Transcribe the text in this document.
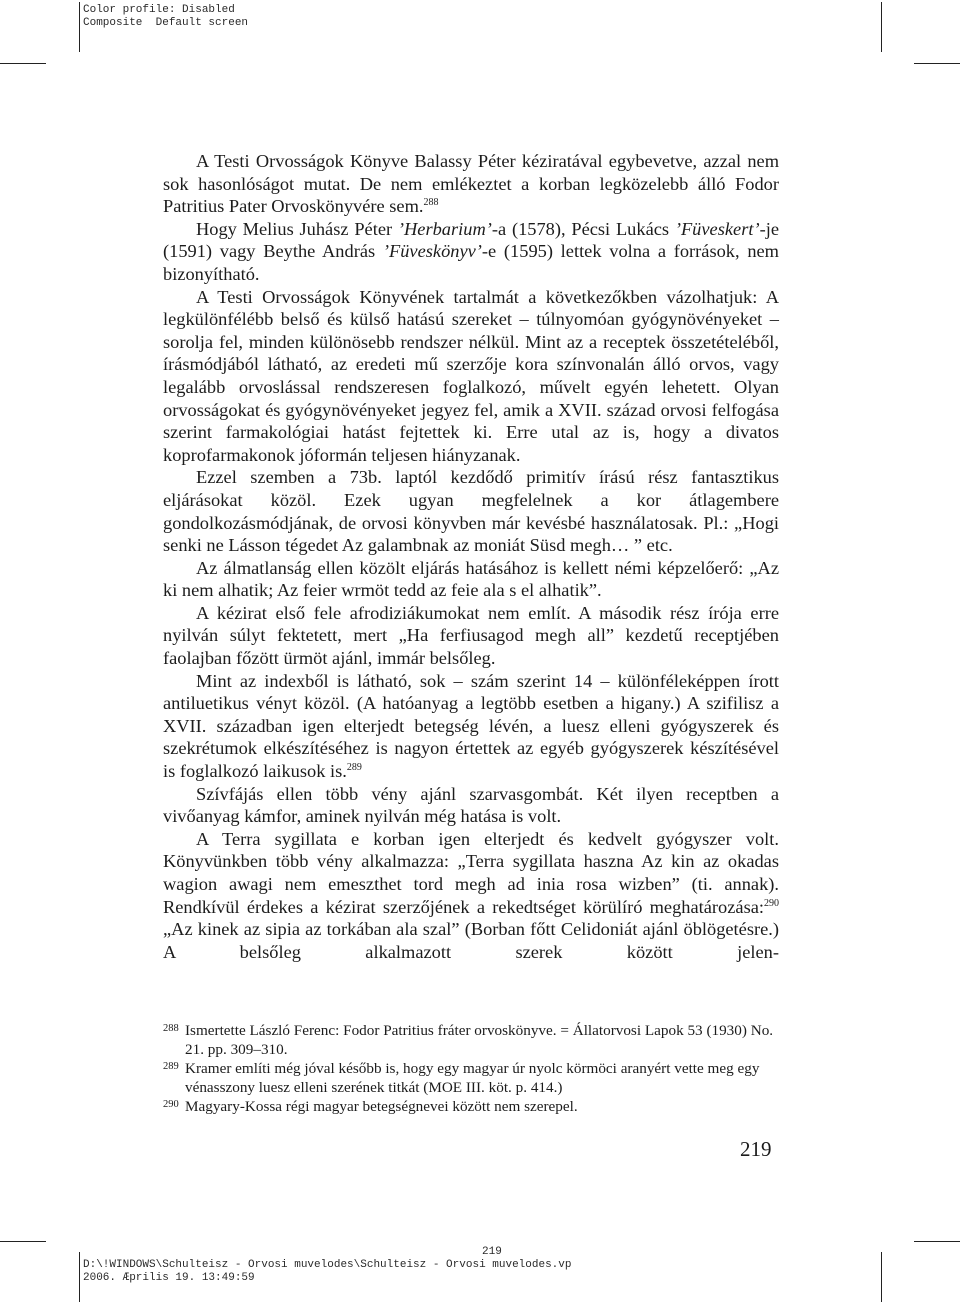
Color profile: Disabled
Composite  Default screen

A Testi Orvosságok Könyve Balassy Péter kéziratával egybevetve, azzal nem sok hasonlóságot mutat. De nem emlékeztet a korban legközelebb álló Fodor Patritius Pater Orvoskönyvére sem.$^{288}$

Hogy Melius Juhász Péter ’Herbarium’-a (1578), Pécsi Lukács ’Füveskert’-je (1591) vagy Beythe András ’Füveskönyv’-e (1595) lettek volna a források, nem bizonyítható.

A Testi Orvosságok Könyvének tartalmát a következőkben vázolhatjuk: A legkülönfélébb belső és külső hatású szereket – túlnyomóan gyógynövényeket – sorolja fel, minden különösebb rendszer nélkül. Mint az a receptek összetételéből, írásmódjából látható, az eredeti mű szerzője kora színvonalán álló orvos, vagy legalább orvoslással rendszeresen foglalkozó, művelt egyén lehetett. Olyan orvosságokat és gyógynövényeket jegyez fel, amik a XVII. század orvosi felfogása szerint farmakológiai hatást fejtettek ki. Erre utal az is, hogy a divatos koprofarmakonok jóformán teljesen hiányzanak.

Ezzel szemben a 73b. laptól kezdődő primitív írású rész fantasztikus eljárásokat közöl. Ezek ugyan megfelelnek a kor átlagembere gondolkozásmódjának, de orvosi könyvben már kevésbé használatosak. Pl.: „Hogi senki ne Lásson tégedet Az galambnak az moniát Süsd megh… ” etc.

Az álmatlanság ellen közölt eljárás hatásához is kellett némi képzelőerő: „Az ki nem alhatik; Az feier wrmöt tedd az feie ala s el alhatik”.

A kézirat első fele afrodiziákumokat nem említ. A második rész írója erre nyilván súlyt fektetett, mert „Ha ferfiusagod megh all” kezdetű receptjében faolajban főzött ürmöt ajánl, immár belsőleg.

Mint az indexből is látható, sok – szám szerint 14 – különféleképpen írott antiluetikus vényt közöl. (A hatóanyag a legtöbb esetben a higany.) A szifilisz a XVII. században igen elterjedt betegség lévén, a luesz elleni gyógyszerek és szekrétumok elkészítéséhez is nagyon értettek az egyéb gyógyszerek készítésével is foglalkozó laikusok is.$^{289}$

Szívfájás ellen több vény ajánl szarvasgombát. Két ilyen receptben a vivőanyag kámfor, aminek nyilván még hatása is volt.

A Terra sygillata e korban igen elterjedt és kedvelt gyógyszer volt. Könyvünkben több vény alkalmazza: „Terra sygillata haszna Az kin az okadas wagion awagi nem emeszthet tord megh ad inia rosa wizben” (ti. annak). Rendkívül érdekes a kézirat szerzőjének a rekedtséget körülíró meghatározása:$^{290}$ „Az kinek az sipia az torkában ala szal” (Borban főtt Celidoniát ajánl öblögetésre.) A belsőleg alkalmazott szerek között jelen-

288 Ismertette László Ferenc: Fodor Patritius fráter orvoskönyve. = Állatorvosi Lapok 53 (1930) No. 21. pp. 309–310.
289 Kramer említi még jóval később is, hogy egy magyar úr nyolc körmöci aranyért vette meg egy vénasszony luesz elleni szerének titkát (MOE III. köt. p. 414.)
290 Magyary-Kossa régi magyar betegségnevei között nem szerepel.
219
219
D:\!WINDOWS\Schulteisz - Orvosi muvelodes\Schulteisz - Orvosi muvelodes.vp
2006. Æprilis 19. 13:49:59
